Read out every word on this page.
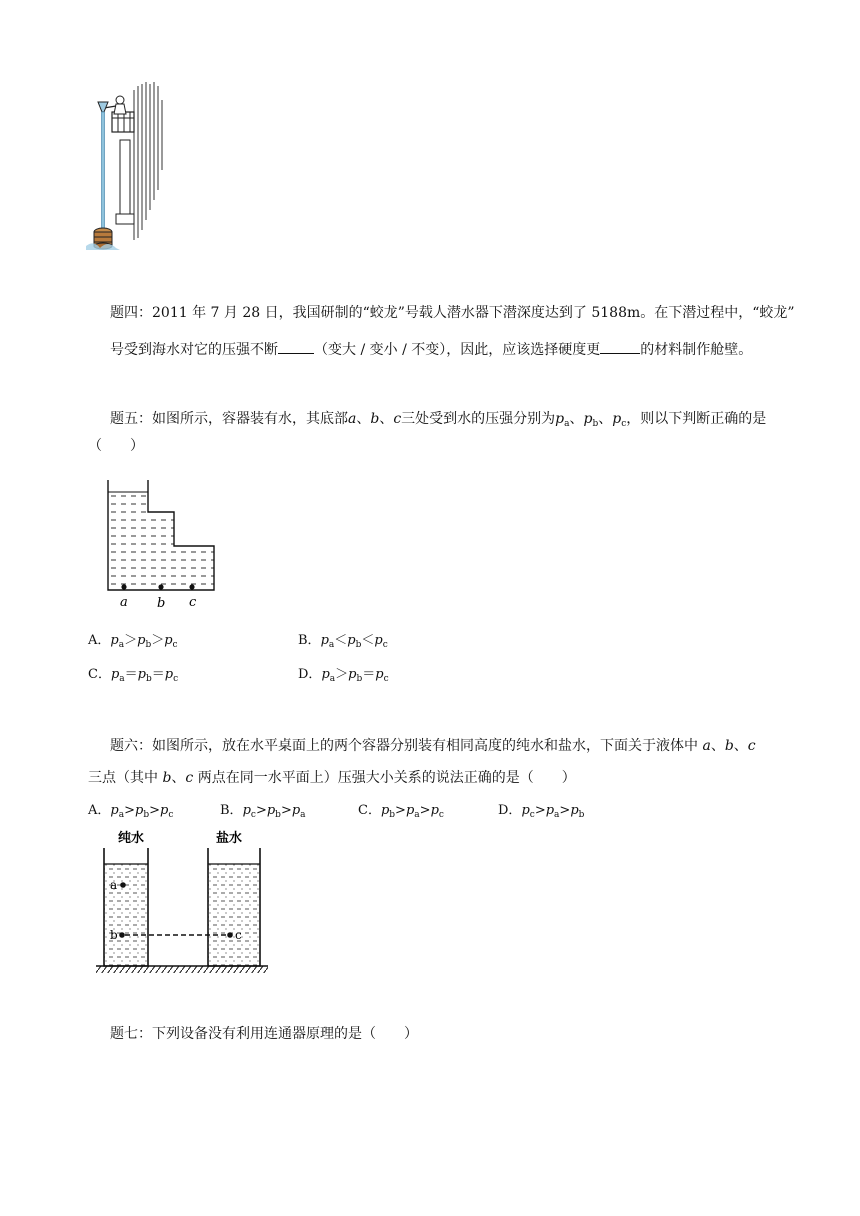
题四：2011 年 7 月 28 日，我国研制的“蛟龙”号载人潜水器下潜深度达到了 5188m。在下潜过程中，“蛟龙”
号受到海水对它的压强不断	（变大 / 变小 / 不变），因此，应该选择硬度更	的材料制作舱壁。
题五：如图所示，容器装有水，其底部a、b、c三处受到水的压强分别为$p_a$、$p_b$、$p_c$，则以下判断正确的是
（　　）
a b c
A．$p_a>p_b>p_c$	B．$p_a<p_b<p_c$
C．$p_a=p_b=p_c$	D．$p_a>p_b=p_c$
题六：如图所示，放在水平桌面上的两个容器分别装有相同高度的纯水和盐水，下面关于液体中 a、b、c
三点（其中 b、c 两点在同一水平面上）压强大小关系的说法正确的是（　　）
A．$p_a>p_b>p_c$	B．$p_c>p_b>p_a$	C．$p_b>p_a>p_c$	D．$p_c>p_a>p_b$
纯水	盐水
a
b	c
题七：下列设备没有利用连通器原理的是（　　）
